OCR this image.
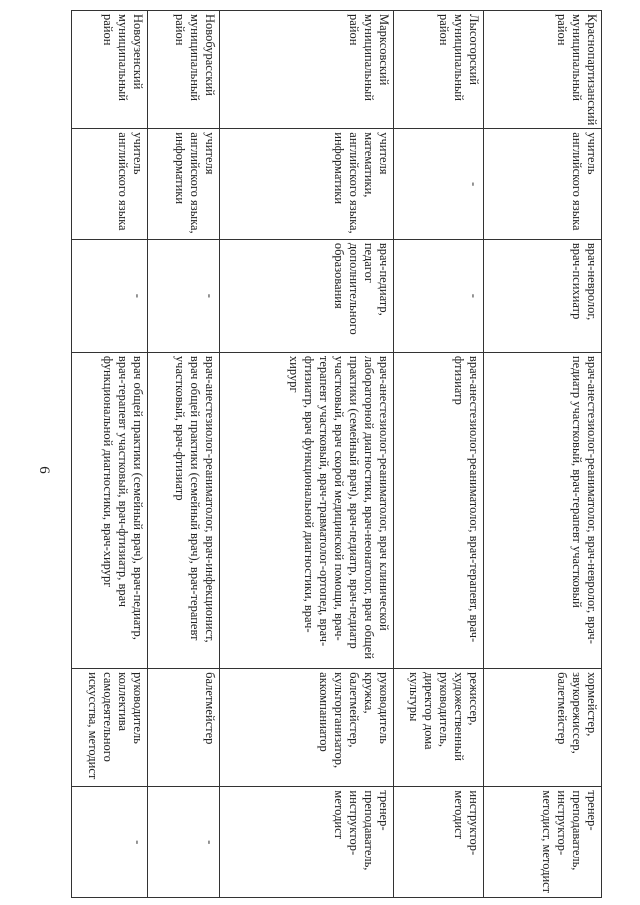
6
Краснопартизанский муниципальный район	учитель английского языка	врач-невролог, врач-психиатр	врач-анестезиолог-реаниматолог, врач-невролог, врач-педиатр участковый, врач-терапевт участковый	хормейстер, звукорежиссер, балетмейстер	тренер-преподаватель, инструктор-методист, методист
Лысогорский муниципальный район	-	-	врач-анестезиолог-реаниматолог, врач-терапевт, врач-фтизиатр	режиссер, художественный руководитель, директор дома культуры	инструктор-методист
Марксовский муниципальный район	учителя математики, английского языка, информатики	врач-педиатр, педагог дополнительного образования	врач-анестезиолог-реаниматолог, врач клинической лабораторной диагностики, врач-неонатолог, врач общей практики (семейный врач), врач-педиатр, врач-педиатр участковый, врач скорой медицинской помощи, врач-терапевт участковый, врач-травматолог-ортопед, врач-фтизиатр, врач функциональной диагностики, врач-хирург	руководитель кружка, балетмейстер, культорганизатор, аккомпаниатор	тренер-преподаватель, инструктор-методист
Новобурасский муниципальный район	учителя английского языка, информатики	-	врач-анестезиолог-реаниматолог, врач-инфекционист, врач общей практики (семейный врач), врач-терапевт участковый, врач-фтизиатр	балетмейстер	-
Новоузенский муниципальный район	учитель английского языка	-	врач общей практики (семейный врач), врач-педиатр, врач-терапевт участковый, врач-фтизиатр, врач функциональной диагностики, врач-хирург	руководитель коллектива самодеятельного искусства, методист	-
